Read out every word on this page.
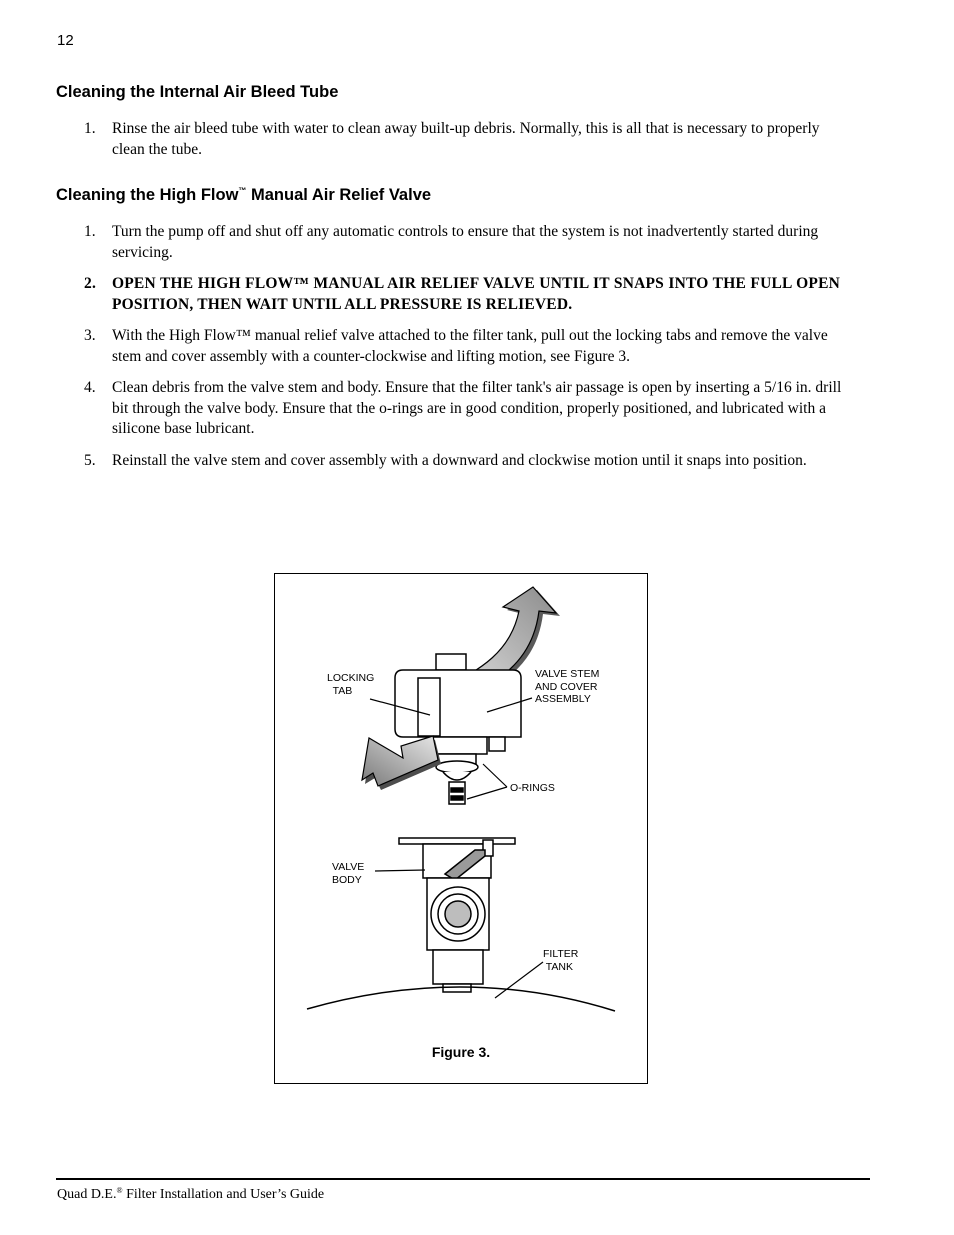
12
Cleaning the Internal Air Bleed Tube
1. Rinse the air bleed tube with water to clean away built-up debris. Normally, this is all that is necessary to properly clean the tube.
Cleaning the High Flow™ Manual Air Relief Valve
1. Turn the pump off and shut off any automatic controls to ensure that the system is not inadvertently started during servicing.
2. OPEN THE HIGH FLOW™ MANUAL AIR RELIEF VALVE UNTIL IT SNAPS INTO THE FULL OPEN POSITION, THEN WAIT UNTIL ALL PRESSURE IS RELIEVED.
3. With the High Flow™ manual relief valve attached to the filter tank, pull out the locking tabs and remove the valve stem and cover assembly with a counter-clockwise and lifting motion, see Figure 3.
4. Clean debris from the valve stem and body. Ensure that the filter tank's air passage is open by inserting a 5/16 in. drill bit through the valve body. Ensure that the o-rings are in good condition, properly positioned, and lubricated with a silicone base lubricant.
5. Reinstall the valve stem and cover assembly with a downward and clockwise motion until it snaps into position.
LOCKING
TAB
VALVE STEM
AND COVER
ASSEMBLY
O-RINGS
VALVE
BODY
FILTER
TANK
Figure 3.
Quad D.E.® Filter Installation and User’s Guide
